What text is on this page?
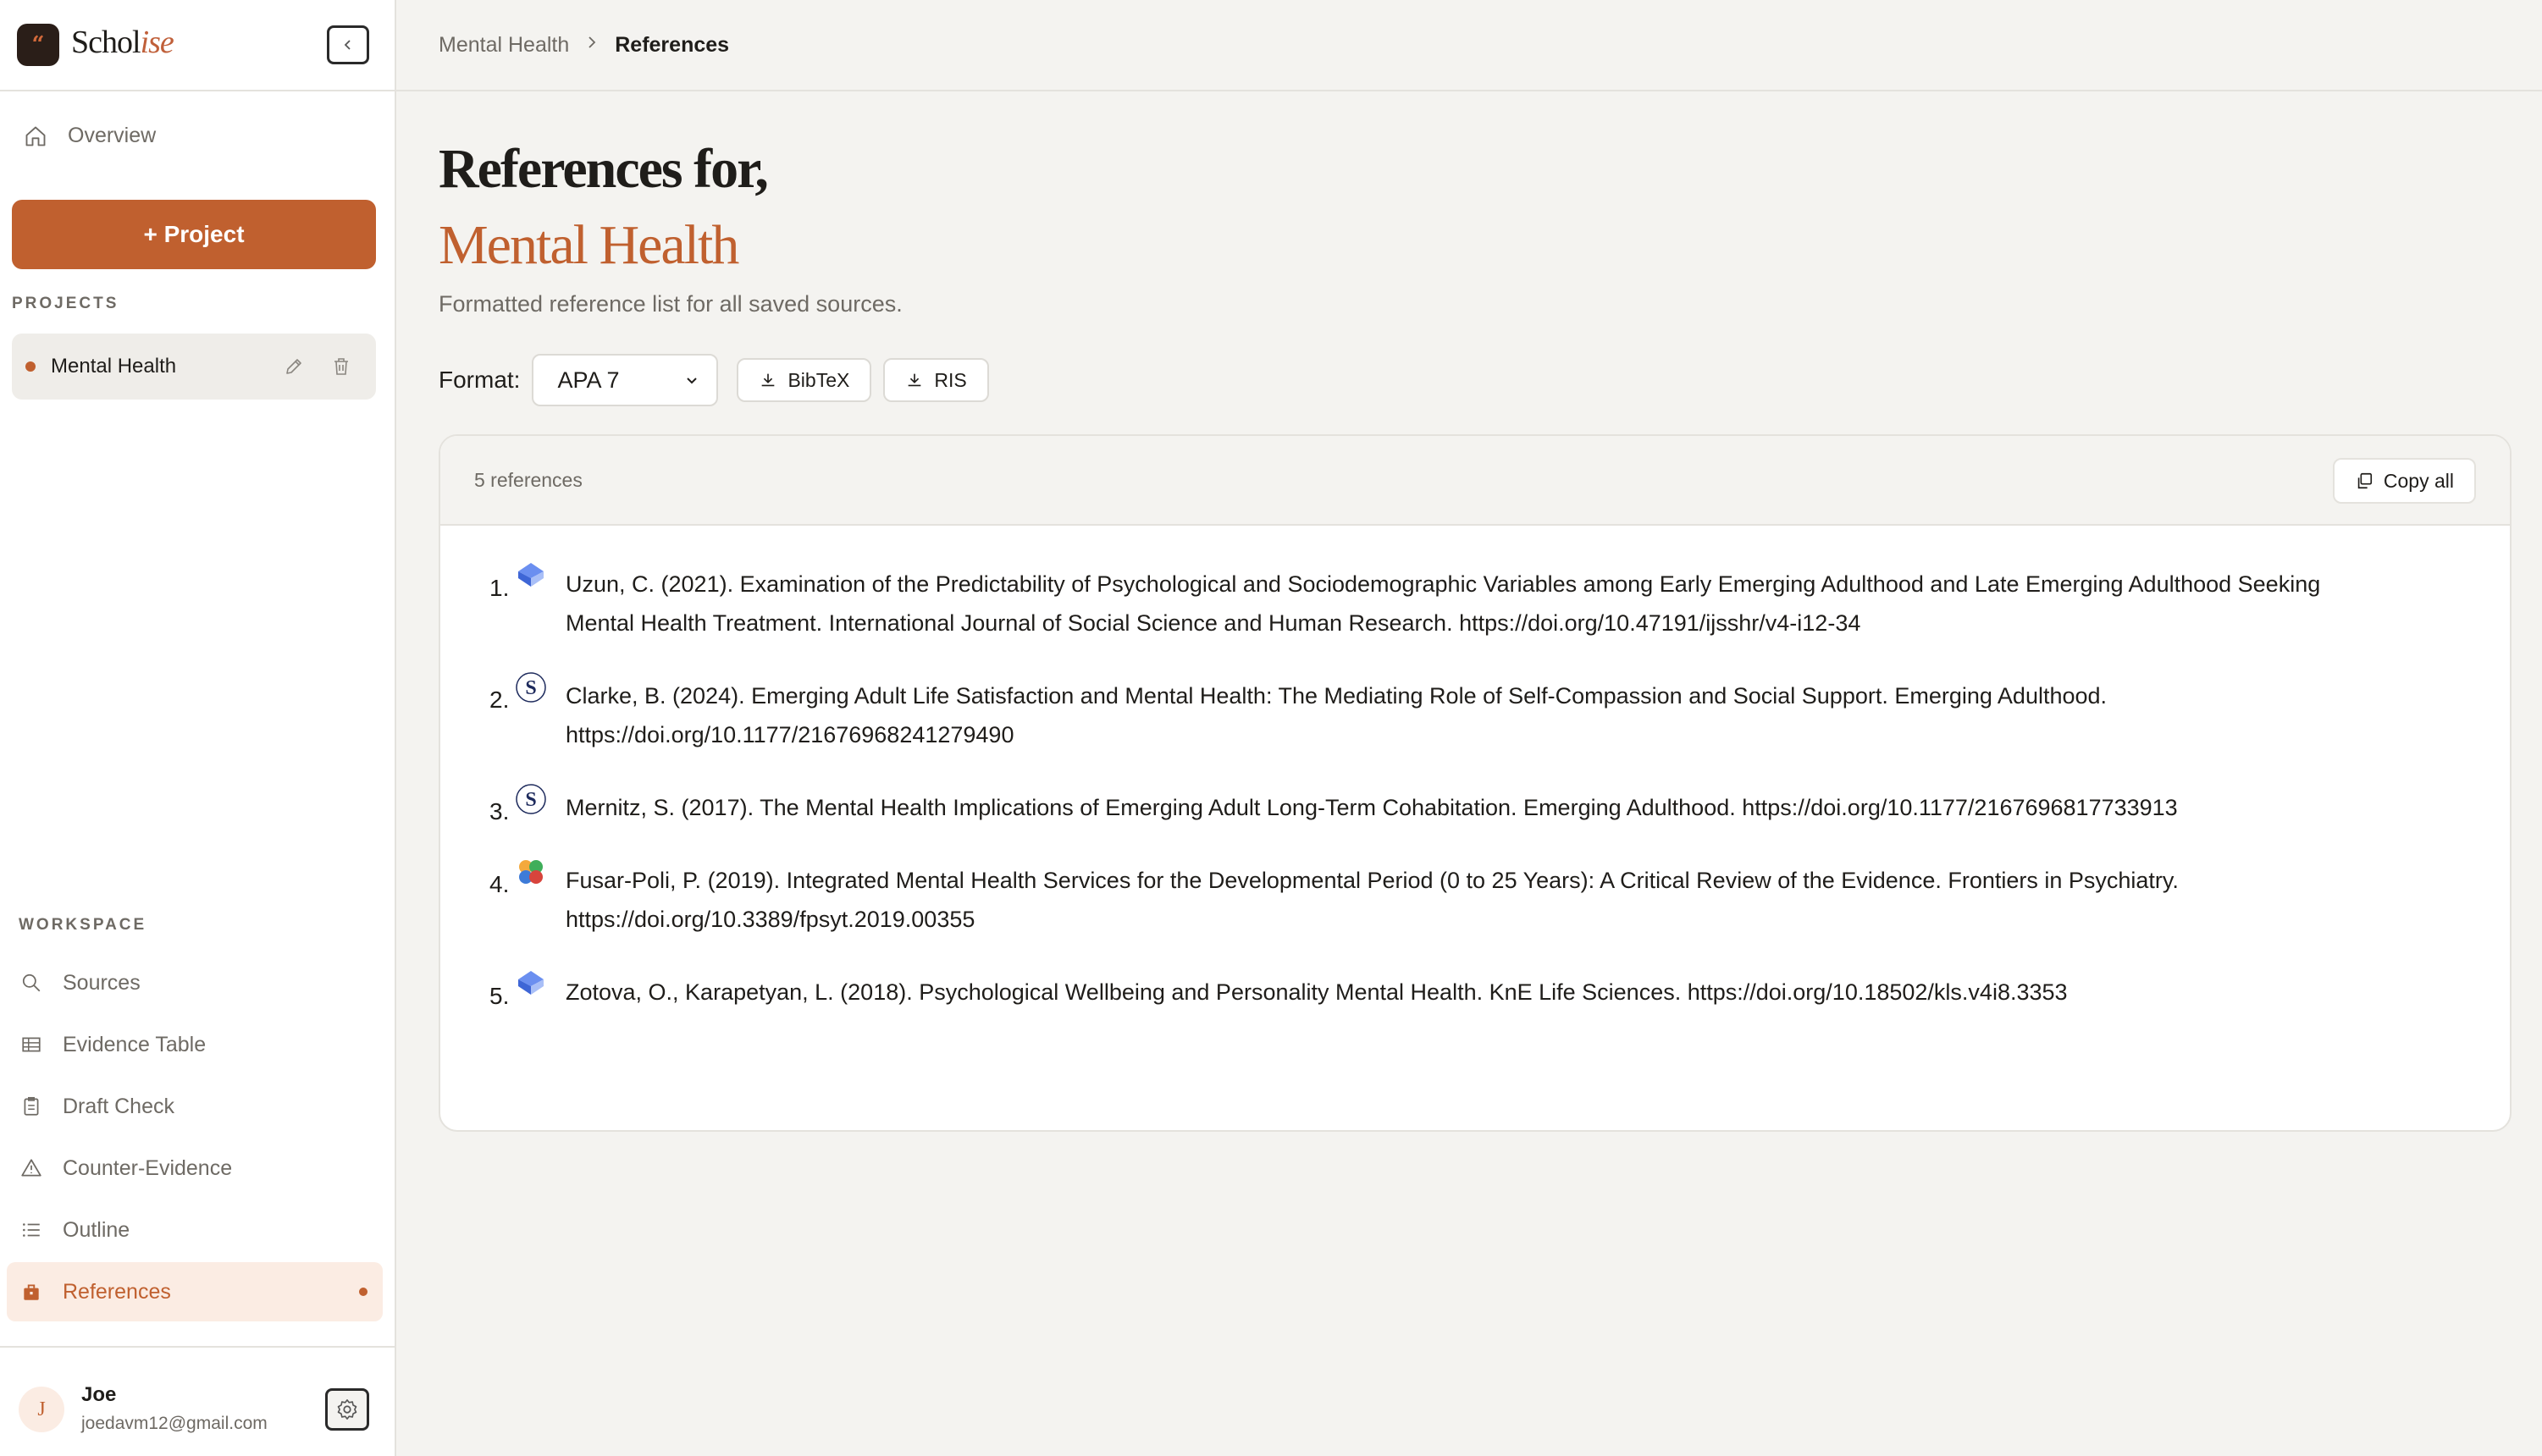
“ Scholise
Overview
+ Project
PROJECTS
Mental Health
WORKSPACE
Sources
Evidence Table
Draft Check
Counter-Evidence
Outline
References
J
Joe
joedavm12@gmail.com
Mental Health References
References for,
Mental Health

Formatted reference list for all saved sources.

Format: APA 7	BibTeX	RIS
5 references	Copy all
1. Uzun, C. (2021). Examination of the Predictability of Psychological and Sociodemographic Variables among Early Emerging Adulthood and Late Emerging Adulthood Seeking Mental Health Treatment. International Journal of Social Science and Human Research. https://doi.org/10.47191/ijsshr/v4-i12-34

2. S Clarke, B. (2024). Emerging Adult Life Satisfaction and Mental Health: The Mediating Role of Self-Compassion and Social Support. Emerging Adulthood. https://doi.org/10.1177/21676968241279490

3. S Mernitz, S. (2017). The Mental Health Implications of Emerging Adult Long-Term Cohabitation. Emerging Adulthood. https://doi.org/10.1177/2167696817733913

4. Fusar-Poli, P. (2019). Integrated Mental Health Services for the Developmental Period (0 to 25 Years): A Critical Review of the Evidence. Frontiers in Psychiatry. https://doi.org/10.3389/fpsyt.2019.00355

5. Zotova, O., Karapetyan, L. (2018). Psychological Wellbeing and Personality Mental Health. KnE Life Sciences. https://doi.org/10.18502/kls.v4i8.3353
